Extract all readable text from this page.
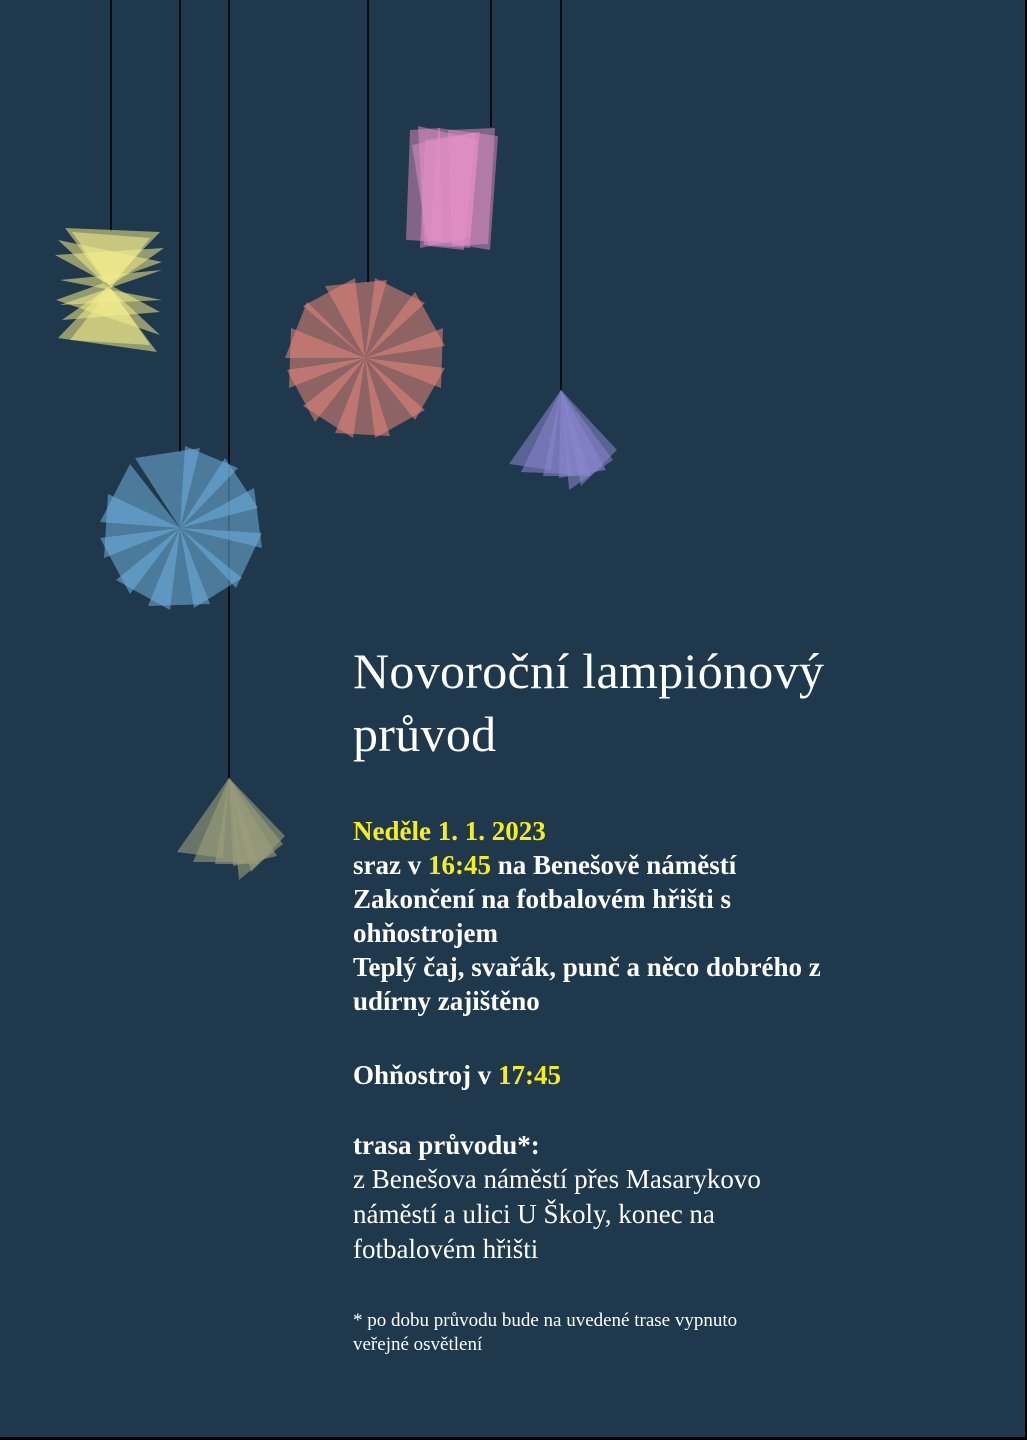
Novoroční lampiónový
průvod
Neděle 1. 1. 2023
sraz v 16:45 na Benešově náměstí
Zakončení na fotbalovém hřišti s
ohňostrojem
Teplý čaj, svařák, punč a něco dobrého z
udírny zajištěno
Ohňostroj v 17:45
trasa průvodu*:
z Benešova náměstí přes Masarykovo
náměstí a ulici U Školy, konec na
fotbalovém hřišti
* po dobu průvodu bude na uvedené trase vypnuto
veřejné osvětlení
